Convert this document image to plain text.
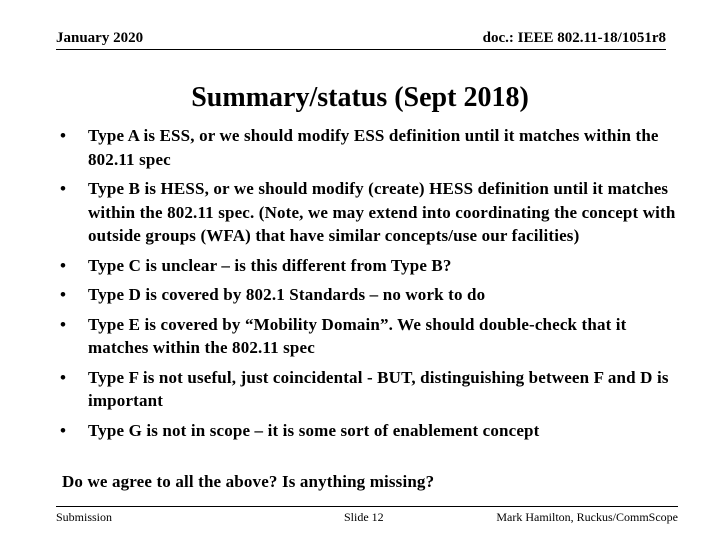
January 2020	doc.: IEEE 802.11-18/1051r8
Summary/status (Sept 2018)
• Type A is ESS, or we should modify ESS definition until it matches within the 802.11 spec
• Type B is HESS, or we should modify (create) HESS definition until it matches within the 802.11 spec. (Note, we may extend into coordinating the concept with outside groups (WFA) that have similar concepts/use our facilities)
• Type C is unclear – is this different from Type B?
• Type D is covered by 802.1 Standards – no work to do
• Type E is covered by “Mobility Domain”. We should double-check that it matches within the 802.11 spec
• Type F is not useful, just coincidental - BUT, distinguishing between F and D is important
• Type G is not in scope – it is some sort of enablement concept
Do we agree to all the above? Is anything missing?
Submission	Slide 12	Mark Hamilton, Ruckus/CommScope
